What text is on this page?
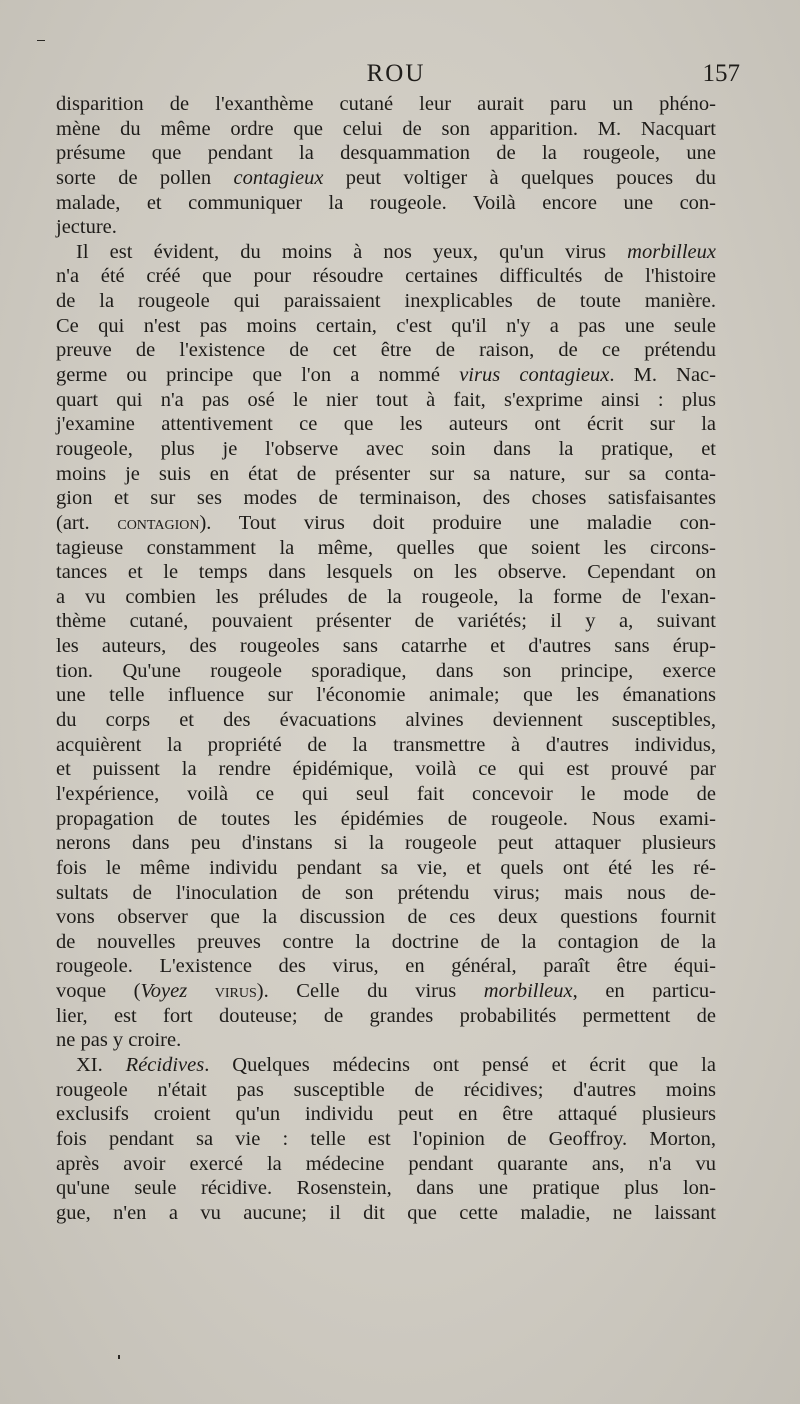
ROU	157
disparition de l'exanthème cutané leur aurait paru un phéno-
mène du même ordre que celui de son apparition. M. Nacquart
présume que pendant la desquammation de la rougeole, une
sorte de pollen contagieux peut voltiger à quelques pouces du
malade, et communiquer la rougeole. Voilà encore une con-
jecture.
Il est évident, du moins à nos yeux, qu'un virus morbilleux
n'a été créé que pour résoudre certaines difficultés de l'histoire
de la rougeole qui paraissaient inexplicables de toute manière.
Ce qui n'est pas moins certain, c'est qu'il n'y a pas une seule
preuve de l'existence de cet être de raison, de ce prétendu
germe ou principe que l'on a nommé virus contagieux. M. Nac-
quart qui n'a pas osé le nier tout à fait, s'exprime ainsi : plus
j'examine attentivement ce que les auteurs ont écrit sur la
rougeole, plus je l'observe avec soin dans la pratique, et
moins je suis en état de présenter sur sa nature, sur sa conta-
gion et sur ses modes de terminaison, des choses satisfaisantes
(art. contagion). Tout virus doit produire une maladie con-
tagieuse constamment la même, quelles que soient les circons-
tances et le temps dans lesquels on les observe. Cependant on
a vu combien les préludes de la rougeole, la forme de l'exan-
thème cutané, pouvaient présenter de variétés; il y a, suivant
les auteurs, des rougeoles sans catarrhe et d'autres sans érup-
tion. Qu'une rougeole sporadique, dans son principe, exerce
une telle influence sur l'économie animale; que les émanations
du corps et des évacuations alvines deviennent susceptibles,
acquièrent la propriété de la transmettre à d'autres individus,
et puissent la rendre épidémique, voilà ce qui est prouvé par
l'expérience, voilà ce qui seul fait concevoir le mode de
propagation de toutes les épidémies de rougeole. Nous exami-
nerons dans peu d'instans si la rougeole peut attaquer plusieurs
fois le même individu pendant sa vie, et quels ont été les ré-
sultats de l'inoculation de son prétendu virus; mais nous de-
vons observer que la discussion de ces deux questions fournit
de nouvelles preuves contre la doctrine de la contagion de la
rougeole. L'existence des virus, en général, paraît être équi-
voque (Voyez virus). Celle du virus morbilleux, en particu-
lier, est fort douteuse; de grandes probabilités permettent de
ne pas y croire.
XI. Récidives. Quelques médecins ont pensé et écrit que la
rougeole n'était pas susceptible de récidives; d'autres moins
exclusifs croient qu'un individu peut en être attaqué plusieurs
fois pendant sa vie : telle est l'opinion de Geoffroy. Morton,
après avoir exercé la médecine pendant quarante ans, n'a vu
qu'une seule récidive. Rosenstein, dans une pratique plus lon-
gue, n'en a vu aucune; il dit que cette maladie, ne laissant
